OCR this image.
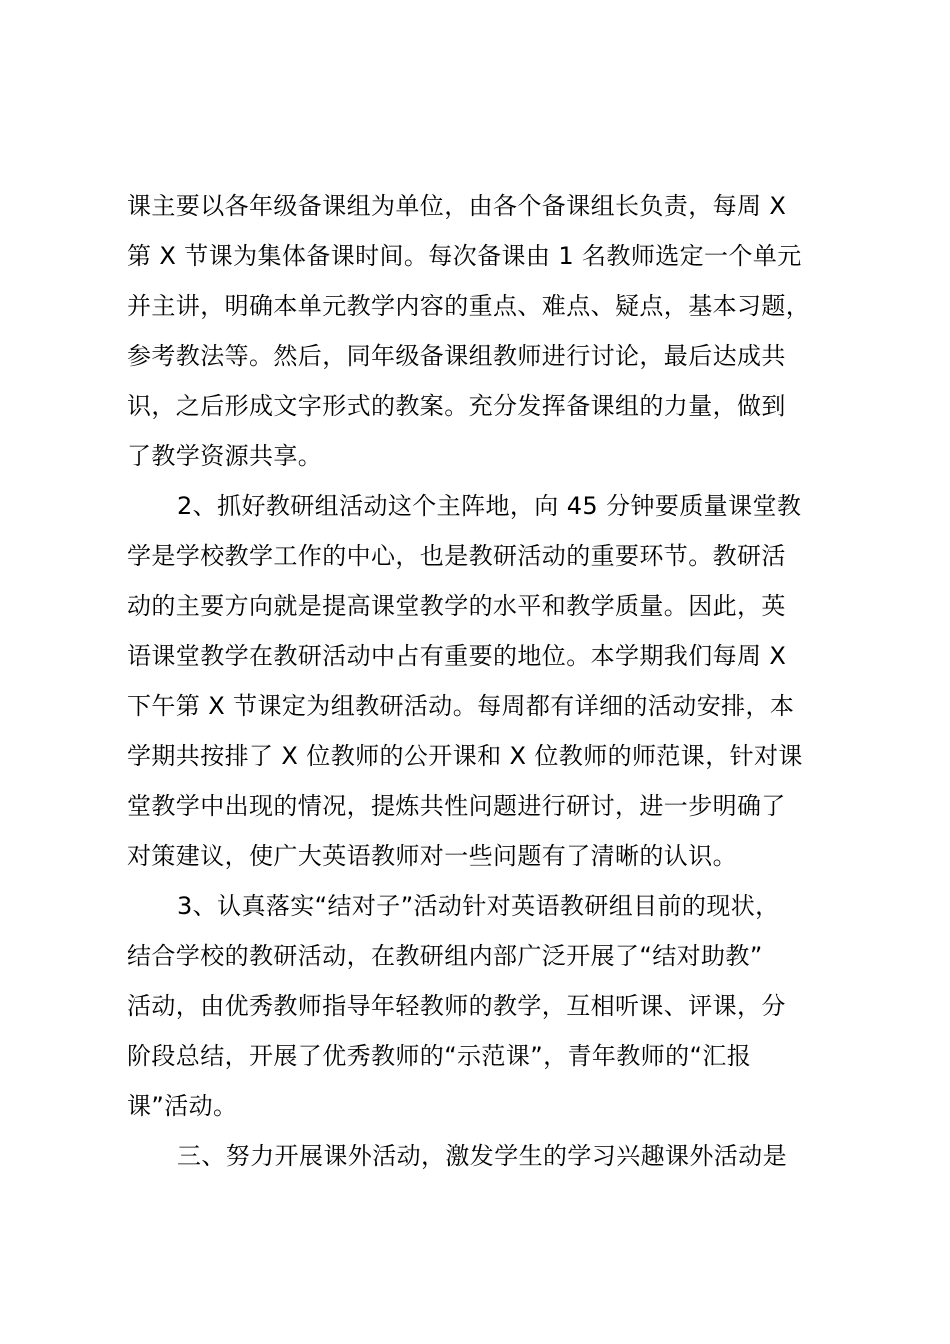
课主要以各年级备课组为单位，由各个备课组长负责，每周 X
第 X 节课为集体备课时间。每次备课由 1 名教师选定一个单元
并主讲，明确本单元教学内容的重点、难点、疑点，基本习题，
参考教法等。然后，同年级备课组教师进行讨论，最后达成共
识，之后形成文字形式的教案。充分发挥备课组的力量，做到
了教学资源共享。
2、抓好教研组活动这个主阵地，向 45 分钟要质量课堂教
学是学校教学工作的中心，也是教研活动的重要环节。教研活
动的主要方向就是提高课堂教学的水平和教学质量。因此，英
语课堂教学在教研活动中占有重要的地位。本学期我们每周 X
下午第 X 节课定为组教研活动。每周都有详细的活动安排，本
学期共按排了 X 位教师的公开课和 X 位教师的师范课，针对课
堂教学中出现的情况，提炼共性问题进行研讨，进一步明确了
对策建议，使广大英语教师对一些问题有了清晰的认识。
3、认真落实“结对子”活动针对英语教研组目前的现状，
结合学校的教研活动，在教研组内部广泛开展了“结对助教”
活动，由优秀教师指导年轻教师的教学，互相听课、评课，分
阶段总结，开展了优秀教师的“示范课”，青年教师的“汇报
课”活动。
三、努力开展课外活动，激发学生的学习兴趣课外活动是
